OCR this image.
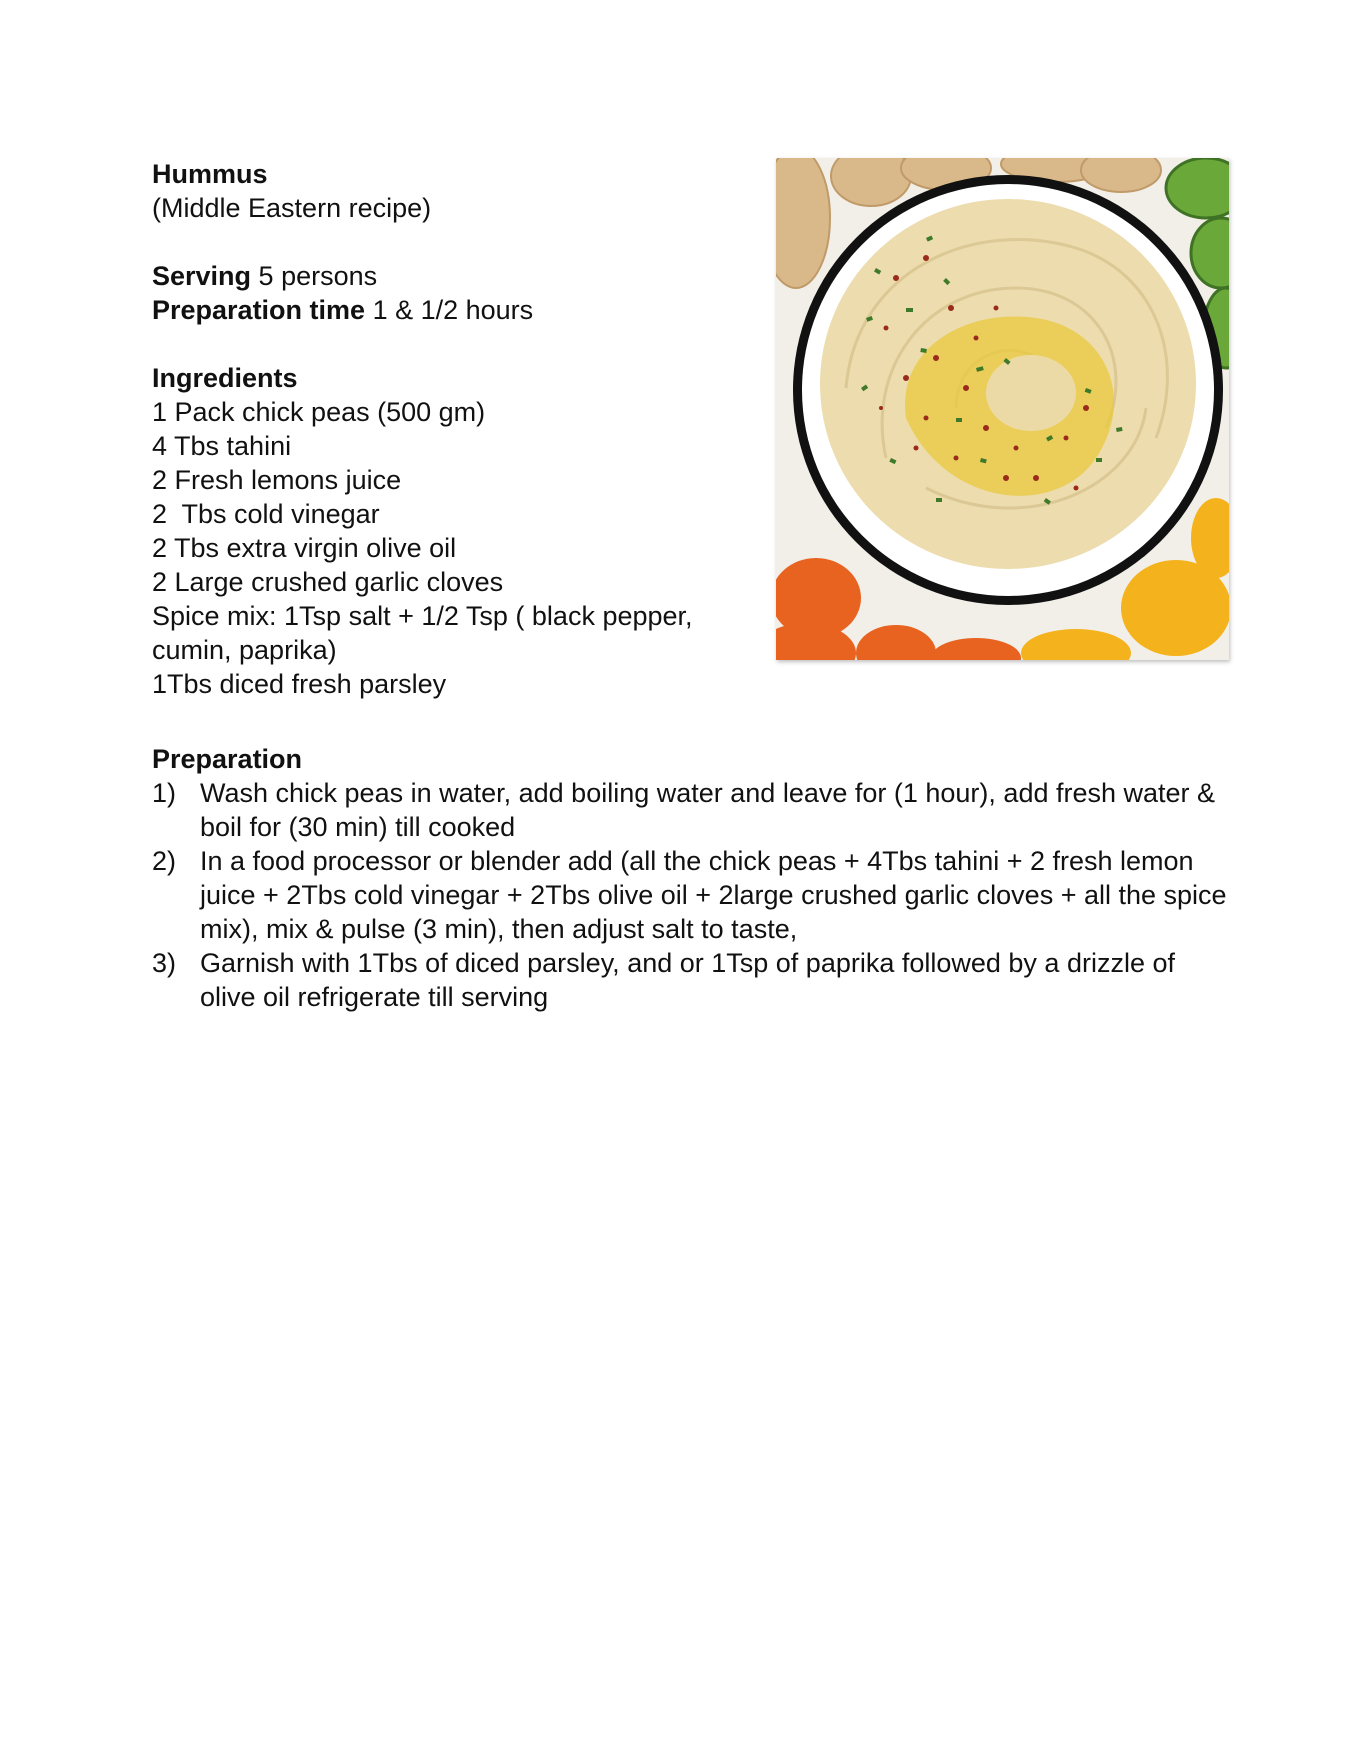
Hummus

(Middle Eastern recipe)

Serving 5 persons

Preparation time 1 & 1/2 hours

Ingredients

1 Pack chick peas (500 gm)

4 Tbs tahini

2 Fresh lemons juice

2  Tbs cold vinegar

2 Tbs extra virgin olive oil

2 Large crushed garlic cloves

Spice mix: 1Tsp salt + 1/2 Tsp ( black pepper, cumin, paprika)

1Tbs diced fresh parsley

Preparation

1) Wash chick peas in water, add boiling water and leave for (1 hour), add fresh water & boil for (30 min) till cooked
2) In a food processor or blender add (all the chick peas + 4Tbs tahini + 2 fresh lemon juice + 2Tbs cold vinegar + 2Tbs olive oil + 2large crushed garlic cloves + all the spice mix), mix & pulse (3 min), then adjust salt to taste,
3) Garnish with 1Tbs of diced parsley, and or 1Tsp of paprika followed by a drizzle of olive oil refrigerate till serving
